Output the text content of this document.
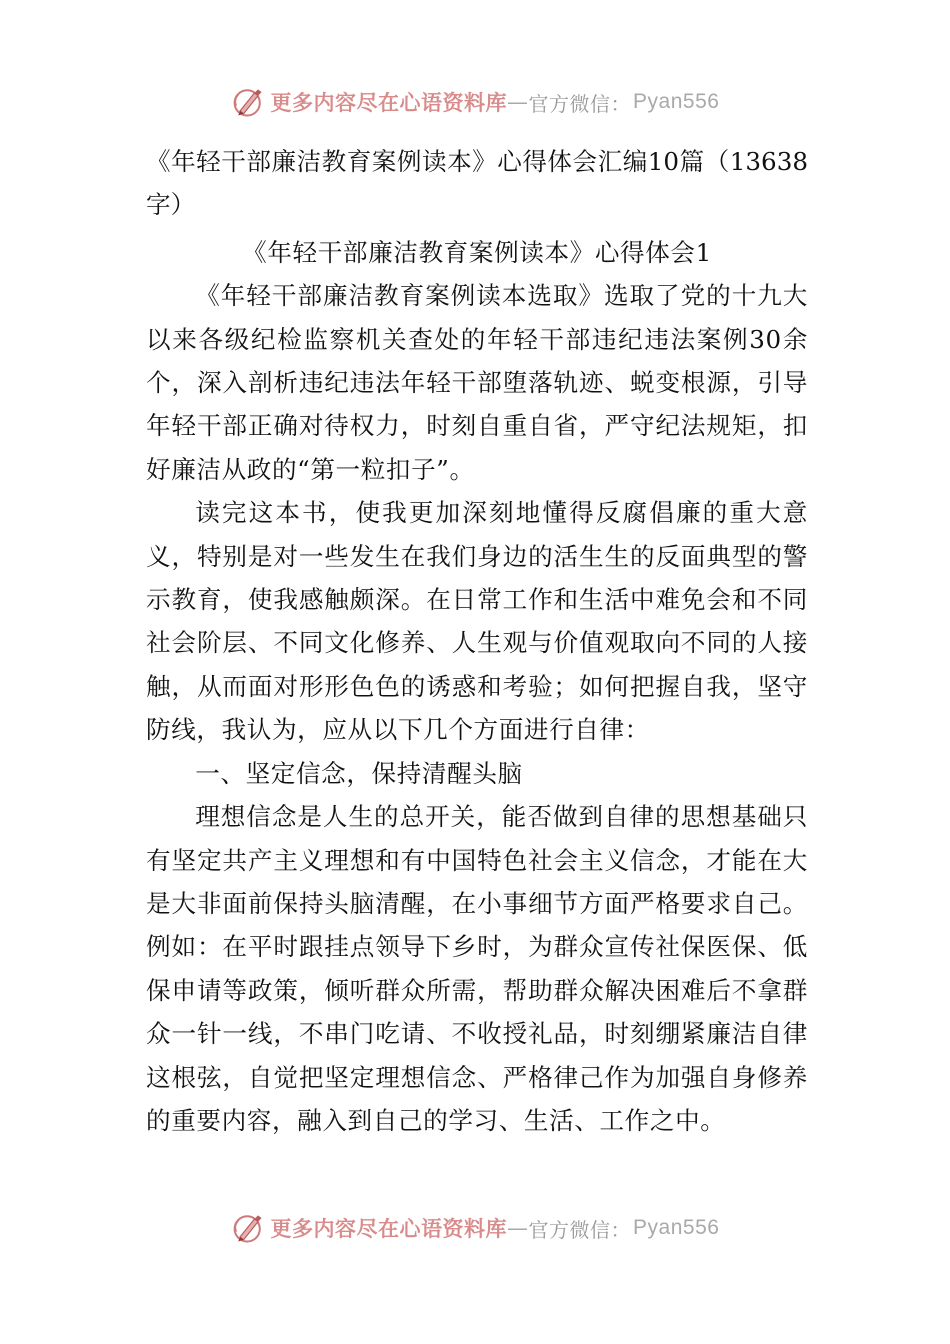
更多内容尽在心语资料库 — 官方微信： Pyan556

《年轻干部廉洁教育案例读本》心得体会汇编10篇（13638字）

《年轻干部廉洁教育案例读本》心得体会1

《年轻干部廉洁教育案例读本选取》选取了党的十九大以来各级纪检监察机关查处的年轻干部违纪违法案例30余个，深入剖析违纪违法年轻干部堕落轨迹、蜕变根源，引导年轻干部正确对待权力，时刻自重自省，严守纪法规矩，扣好廉洁从政的“第一粒扣子”。

读完这本书，使我更加深刻地懂得反腐倡廉的重大意义，特别是对一些发生在我们身边的活生生的反面典型的警示教育，使我感触颇深。在日常工作和生活中难免会和不同社会阶层、不同文化修养、人生观与价值观取向不同的人接触，从而面对形形色色的诱惑和考验；如何把握自我，坚守防线，我认为，应从以下几个方面进行自律：

一、坚定信念，保持清醒头脑

理想信念是人生的总开关，能否做到自律的思想基础只有坚定共产主义理想和有中国特色社会主义信念，才能在大是大非面前保持头脑清醒，在小事细节方面严格要求自己。例如：在平时跟挂点领导下乡时，为群众宣传社保医保、低保申请等政策，倾听群众所需，帮助群众解决困难后不拿群众一针一线，不串门吃请、不收授礼品，时刻绷紧廉洁自律这根弦，自觉把坚定理想信念、严格律己作为加强自身修养的重要内容，融入到自己的学习、生活、工作之中。

更多内容尽在心语资料库 — 官方微信： Pyan556
